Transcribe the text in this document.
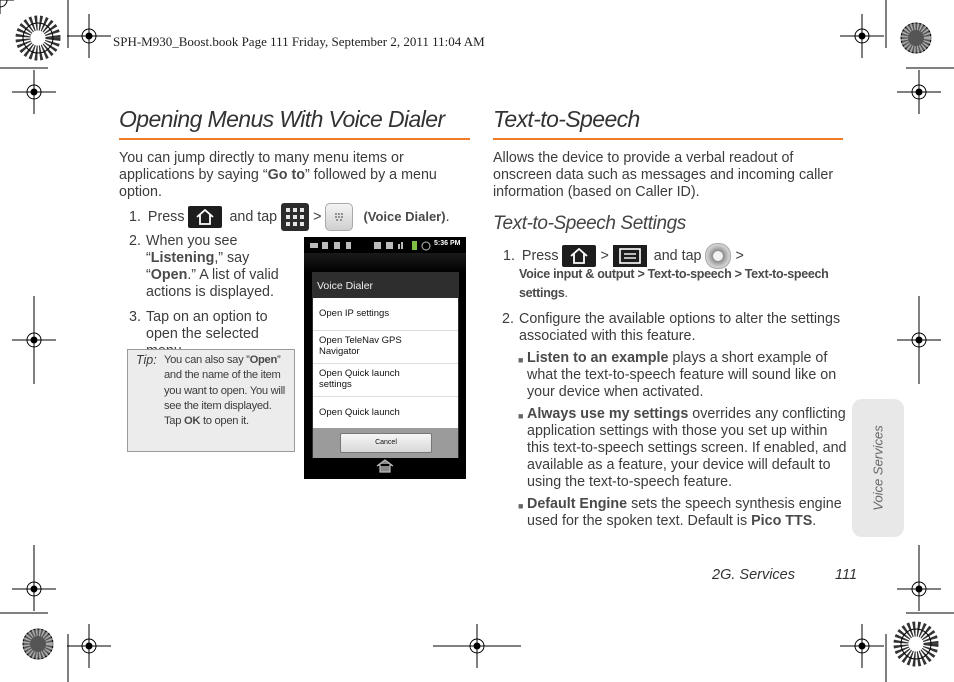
SPH-M930_Boost.book Page 111 Friday, September 2, 2011 11:04 AM
Opening Menus With Voice Dialer
You can jump directly to many menu items or applications by saying “Go to” followed by a menu option.
1. Press	and tap	>	(Voice Dialer).
2. When you see “Listening,” say “Open.” A list of valid actions is displayed.
3. Tap on an option to open the selected
Tip: You can also say ”Open” and the name of the item you want to open. You will see the item displayed. Tap OK to open it.
5:36 PM
Voice Dialer
Open IP settings
Open TeleNav GPS Navigator
Open Quick launch settings
Open Quick launch
Cancel
Text-to-Speech
Allows the device to provide a verbal readout of onscreen data such as messages and incoming caller information (based on Caller ID).
Text-to-Speech Settings
1. Press	>	and tap >
Voice input & output > Text-to-speech > Text-to-speech settings.
2. Configure the available options to alter the settings associated with this feature.
■ Listen to an example plays a short example of what the text-to-speech feature will sound like on your device when activated.
■ Always use my settings overrides any conflicting application settings with those you set up within this text-to-speech settings screen. If enabled, and available as a feature, your device will default to using the text-to-speech feature.
■ Default Engine sets the speech synthesis engine used for the spoken text. Default is Pico TTS.
Voice Services
2G. Services	111
